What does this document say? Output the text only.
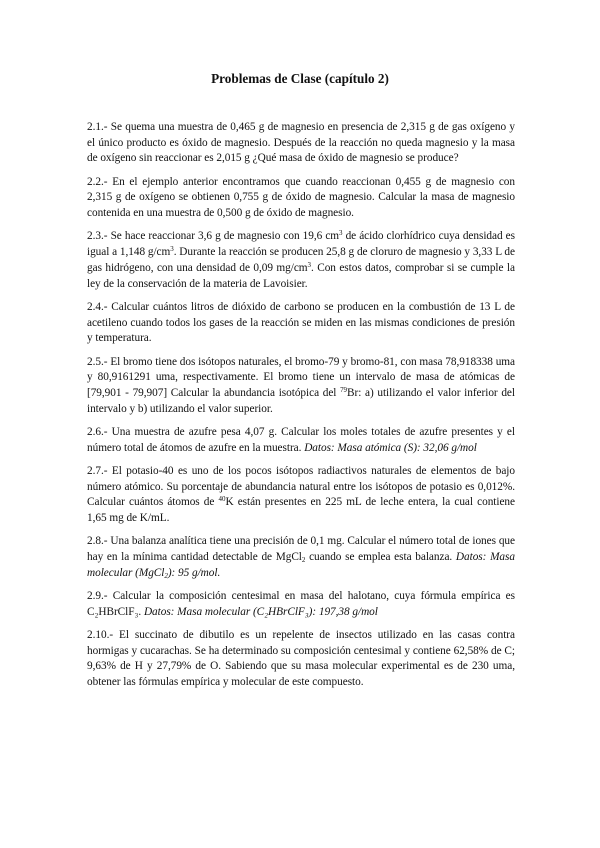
Problemas de Clase (capítulo 2)

2.1.- Se quema una muestra de 0,465 g de magnesio en presencia de 2,315 g de gas oxígeno y el único producto es óxido de magnesio. Después de la reacción no queda magnesio y la masa de oxígeno sin reaccionar es 2,015 g ¿Qué masa de óxido de magnesio se produce?

2.2.- En el ejemplo anterior encontramos que cuando reaccionan 0,455 g de magnesio con 2,315 g de oxígeno se obtienen 0,755 g de óxido de magnesio. Calcular la masa de magnesio contenida en una muestra de 0,500 g de óxido de magnesio.

2.3.- Se hace reaccionar 3,6 g de magnesio con 19,6 $cm^3$ de ácido clorhídrico cuya densidad es igual a 1,148 $g/cm^3$. Durante la reacción se producen 25,8 g de cloruro de magnesio y 3,33 L de gas hidrógeno, con una densidad de 0,09 $mg/cm^3$. Con estos datos, comprobar si se cumple la ley de la conservación de la materia de Lavoisier.

2.4.- Calcular cuántos litros de dióxido de carbono se producen en la combustión de 13 L de acetileno cuando todos los gases de la reacción se miden en las mismas condiciones de presión y temperatura.

2.5.- El bromo tiene dos isótopos naturales, el bromo-79 y bromo-81, con masa 78,918338 uma y 80,9161291 uma, respectivamente. El bromo tiene un intervalo de masa de atómicas de [79,901 - 79,907] Calcular la abundancia isotópica del $^{79}$Br: a) utilizando el valor inferior del intervalo y b) utilizando el valor superior.

2.6.- Una muestra de azufre pesa 4,07 g. Calcular los moles totales de azufre presentes y el número total de átomos de azufre en la muestra. Datos: Masa atómica (S): 32,06 g/mol

2.7.- El potasio-40 es uno de los pocos isótopos radiactivos naturales de elementos de bajo número atómico. Su porcentaje de abundancia natural entre los isótopos de potasio es 0,012%. Calcular cuántos átomos de $^{40}$K están presentes en 225 mL de leche entera, la cual contiene 1,65 mg de K/mL.

2.8.- Una balanza analítica tiene una precisión de 0,1 mg. Calcular el número total de iones que hay en la mínima cantidad detectable de MgCl$_2$ cuando se emplea esta balanza. Datos: Masa molecular (MgCl$_2$): 95 g/mol.

2.9.- Calcular la composición centesimal en masa del halotano, cuya fórmula empírica es C₂HBrClF₃. Datos: Masa molecular (C₂HBrClF₃): 197,38 g/mol

2.10.- El succinato de dibutilo es un repelente de insectos utilizado en las casas contra hormigas y cucarachas. Se ha determinado su composición centesimal y contiene 62,58% de C; 9,63% de H y 27,79% de O. Sabiendo que su masa molecular experimental es de 230 uma, obtener las fórmulas empírica y molecular de este compuesto.
